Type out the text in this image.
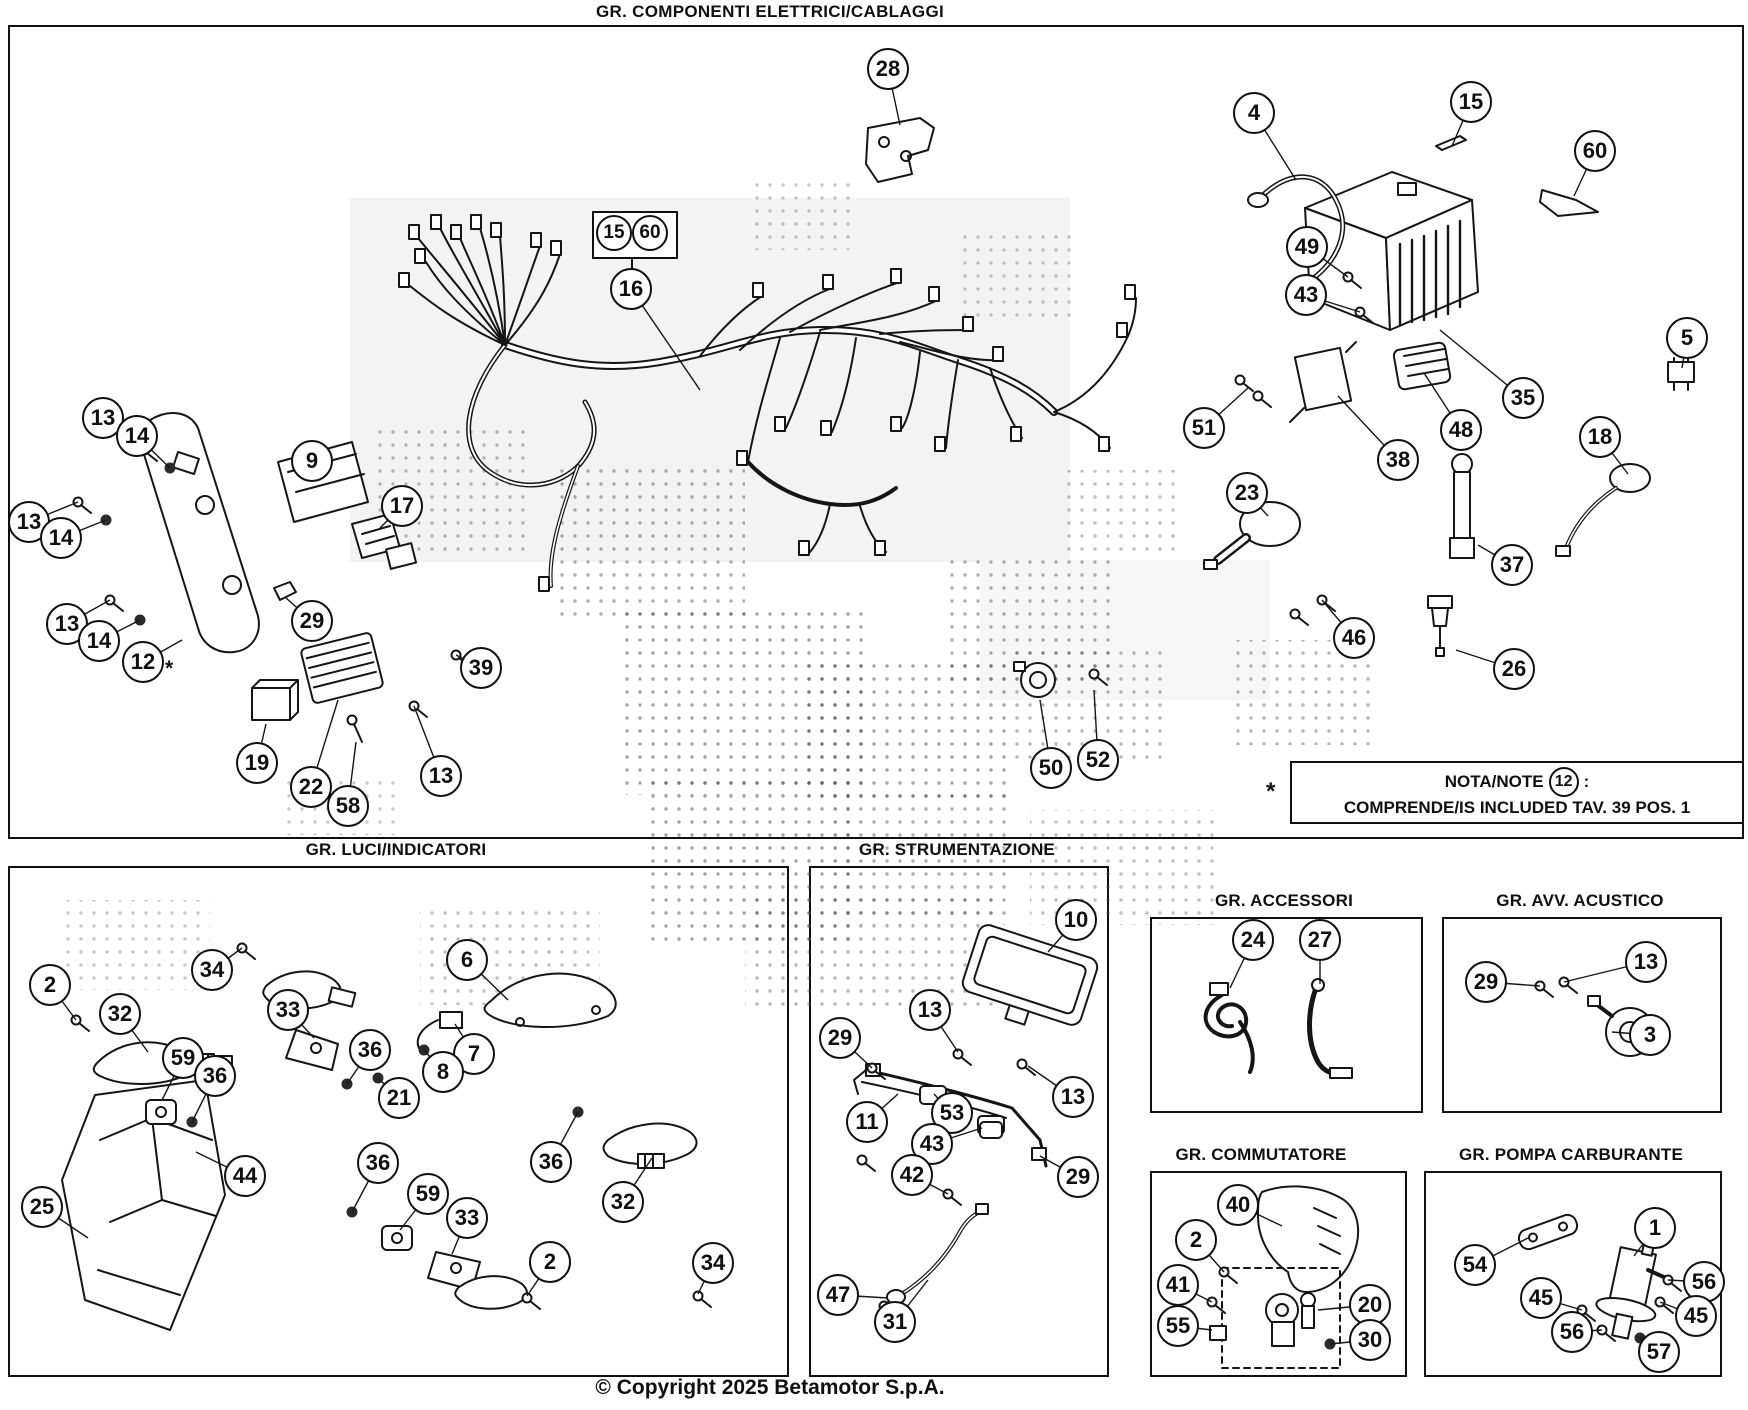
GR. COMPONENTI ELETTRICI/CABLAGGI
*	NOTA/NOTE 12 :
COMPRENDE/IS INCLUDED TAV. 39 POS. 1
© Copyright 2025 Betamotor S.p.A.
GR. LUCI/INDICATORI	GR. STRUMENTAZIONE
GR. ACCESSORI	GR. AVV. ACUSTICO
GR. COMMUTATORE	GR. POMPA CARBURANTE
28
15 60
16
4	15
60
49
43
5
35
48
38
51	18
13
14
13
14
9
17
13
14
12 *
29
39
19
22
58
13
23
37
46
26
50	52
2
34
33
32
59
36
6
36	7
8
21
44
25
36
59
33
36
32
2	34
10
13
29
11	53
43
42
13
29
47
31
24	27
29
13
3
40
2
41
55
20
30
54
1
56
45
45
56
57
